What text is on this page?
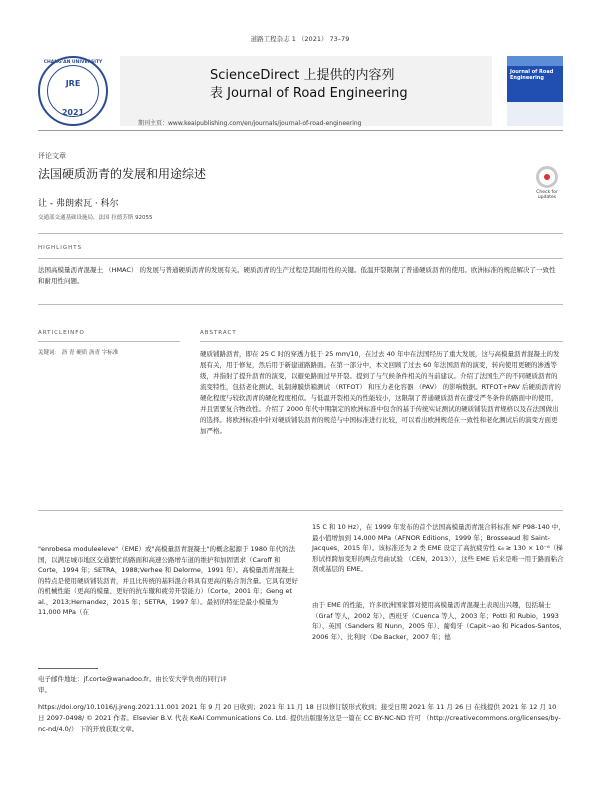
道路工程杂志 1 （2021） 73–79
CHANG'AN UNIVERSITY
JRE
2021
ScienceDirect 上提供的内容列
表 Journal of Road Engineering
期刊主页：www.keaipublishing.com/en/journals/journal-of-road-engineering
Journal of Road Engineering
评论文章
法国硬质沥青的发展和用途综述
Check for updates
让 - 弗朗索瓦 · 科尔
交通部交通基础设施局，法国 拉德芳斯 92055
HIGHLIGHTS
法国高模量沥青混凝土 （HMAC） 的发展与普通硬质沥青的发展有关。硬质沥青的生产过程是其耐用性的关键。低温开裂限制了普通硬质沥青的使用。欧洲标准的规范解决了一致性和耐用性问题。
ARTICLEINFO	ABSTRACT
关键词： 沥 青 硬质 沥青 字标准	硬质铺路沥青，即在 25 C 时的穿透力低于 25 mm/10，在过去 40 年中在法国经历了重大发展，这与高模量沥青混凝土的发展有关，用于修复，然后用于新建道路路面。在第一部分中，本文回顾了过去 60 年法国沥青的演变，转向使用更硬的渗透等级，并指射了提升沥青的演变，以避免路面过早开裂。提到了与气候条件相关的当前建议。介绍了法国生产的不同硬质沥青的流变特性，包括老化测试、轧制薄膜烘箱测试 （RTFOT） 和压力老化容器 （PAV） 的影响数据。RTFOT+PAV 后硬质沥青的硬化程度与较软沥青的硬化程度相似。与低温开裂相关的性能较小，这限制了普通硬质沥青在遭受严冬条件的路面中的使用，并且需要复合物改性。介绍了 2000 年代中期制定的欧洲标准中包含的基于传统实证测试的硬质铺装沥青规格以及在法国做出的选择。将欧洲标准中针对硬质铺装沥青的规范与中国标准进行比较，可以看出欧洲规范在一致性和老化测试后的演变方面更加严格。
"enrobesa moduleeleve"（EME）或"高模量沥青混凝土"的概念起源于 1980 年代的法国，以满足城市地区交通繁忙的路面和高速公路增车道的维护和加固需求（Caroff 和 Corte，1994 年；SETRA，1988;Verhee 和 Delorme，1991 年）。高模量沥青混凝土的特点是使用硬质铺装沥青，并且比传统的基料混合料具有更高的粘合剂含量。它具有更好的机械性能（更高的模量、更好的抗车辙和疲劳开裂能力）（Corte，2001 年；Geng et al.，2013;Hernandez，2015 年；SETRA，1997 年）。最初的特征是最小模量为 11,000 MPa（在
15 C 和 10 Hz），在 1999 年发布的首个法国高模量沥青混合料标准 NF P98-140 中，最小值增加到 14,000 MPa（AFNOR Editions，1999 年；Brosseaud 和 Saint-Jacques，2015 年）。该标准还为 2 类 EME 设定了高抗疲劳性 ε₆ ≥ 130 × 10⁻⁶（梯形试样跨加变形的两点弯曲试验 （CEN，2013）），这些 EME 后来是唯一用于路面粘合剂或基层的 EME。
由于 EME 的性能，许多欧洲国家都对使用高模量沥青混凝土表现出兴趣，包括瑞士（Graf 等人，2002 年）、西班牙（Cuenca 等人，2003 年；Potti 和 Rubio，1993 年）、英国（Sanders 和 Nunn，2005 年）、葡萄牙（Capit~ao 和 Picados-Santos，2006 年）、比利时（De Backer，2007 年；德
电子邮件地址：jf.corte@wanadoo.fr。由长安大学负责的同行评审。
https://doi.org/10.1016/j.jreng.2021.11.001 2021 年 9 月 20 日收到；2021 年 11 月 18 日以修订版形式收到；接受日期 2021 年 11 月 26 日 在线提供 2021 年 12 月 10 日 2097-0498/ © 2021 作者。Elsevier B.V. 代表 KeAi Communications Co. Ltd. 提供出版服务这是一篇在 CC BY-NC-ND 许可 （http://creativecommons.org/licenses/by-nc-nd/4.0/） 下的开放获取文章。
